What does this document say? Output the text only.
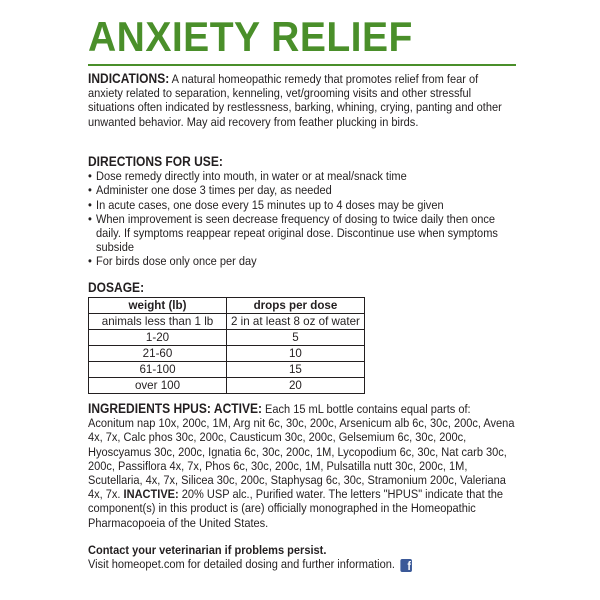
ANXIETY RELIEF
INDICATIONS: A natural homeopathic remedy that promotes relief from fear of anxiety related to separation, kenneling, vet/grooming visits and other stressful situations often indicated by restlessness, barking, whining, crying, panting and other unwanted behavior. May aid recovery from feather plucking in birds.
DIRECTIONS FOR USE:
• Dose remedy directly into mouth, in water or at meal/snack time
• Administer one dose 3 times per day, as needed
• In acute cases, one dose every 15 minutes up to 4 doses may be given
• When improvement is seen decrease frequency of dosing to twice daily then once daily. If symptoms reappear repeat original dose. Discontinue use when symptoms subside
• For birds dose only once per day
DOSAGE:
weight (lb)	drops per dose
animals less than 1 lb	2 in at least 8 oz of water
1-20	5
21-60	10
61-100	15
over 100	20
INGREDIENTS HPUS: ACTIVE: Each 15 mL bottle contains equal parts of: Aconitum nap 10x, 200c, 1M, Arg nit 6c, 30c, 200c, Arsenicum alb 6c, 30c, 200c, Avena 4x, 7x, Calc phos 30c, 200c, Causticum 30c, 200c, Gelsemium 6c, 30c, 200c, Hyoscyamus 30c, 200c, Ignatia 6c, 30c, 200c, 1M, Lycopodium 6c, 30c, Nat carb 30c, 200c, Passiflora 4x, 7x, Phos 6c, 30c, 200c, 1M, Pulsatilla nutt 30c, 200c, 1M, Scutellaria, 4x, 7x, Silicea 30c, 200c, Staphysag 6c, 30c, Stramonium 200c, Valeriana 4x, 7x. INACTIVE: 20% USP alc., Purified water. The letters "HPUS" indicate that the component(s) in this product is (are) officially monographed in the Homeopathic Pharmacopoeia of the United States.
Contact your veterinarian if problems persist.
Visit homeopet.com for detailed dosing and further information. f
